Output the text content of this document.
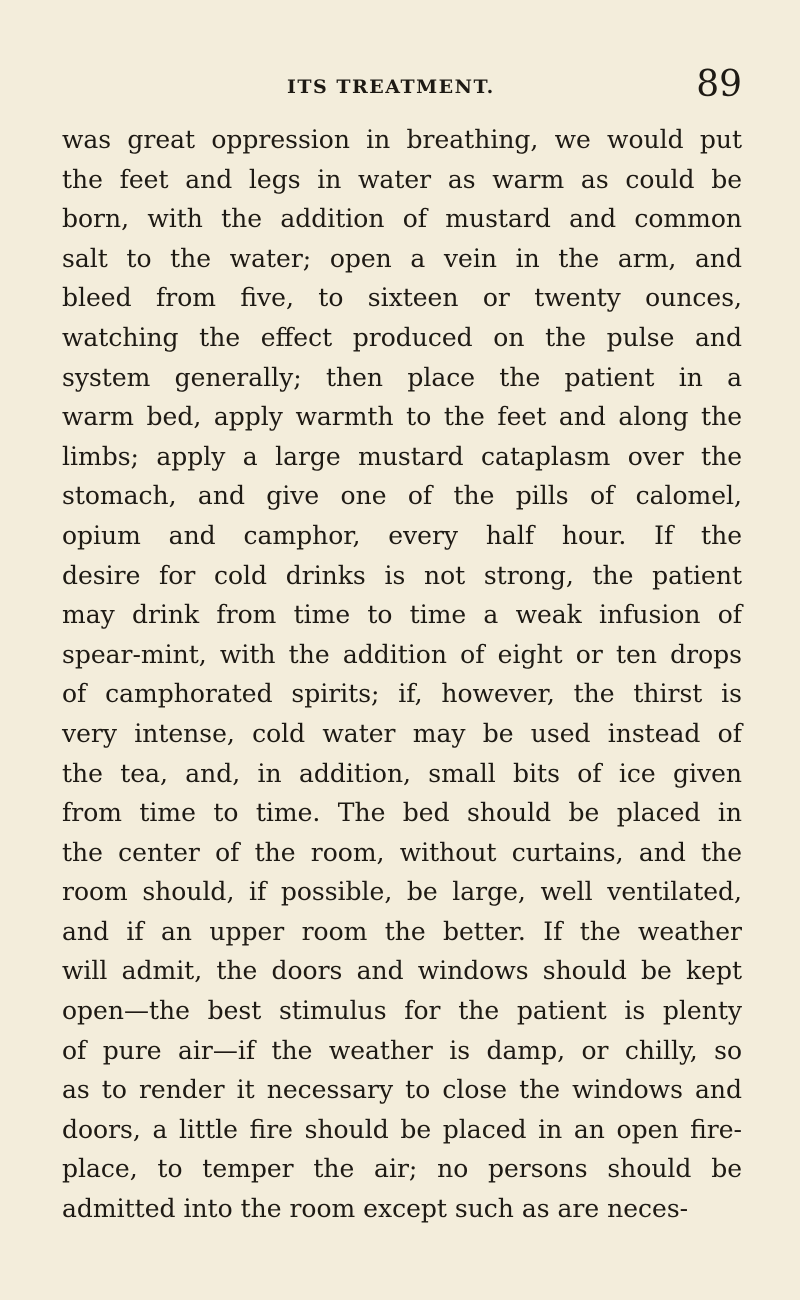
ITS TREATMENT.	89
was great oppression in breathing, we would put
the feet and legs in water as warm as could be
born, with the addition of mustard and common
salt to the water; open a vein in the arm, and
bleed from five, to sixteen or twenty ounces,
watching the effect produced on the pulse and
system generally; then place the patient in a
warm bed, apply warmth to the feet and along the
limbs; apply a large mustard cataplasm over the
stomach, and give one of the pills of calomel,
opium and camphor, every half hour. If the
desire for cold drinks is not strong, the patient
may drink from time to time a weak infusion of
spear-mint, with the addition of eight or ten drops
of camphorated spirits; if, however, the thirst is
very intense, cold water may be used instead of
the tea, and, in addition, small bits of ice given
from time to time. The bed should be placed in
the center of the room, without curtains, and the
room should, if possible, be large, well ventilated,
and if an upper room the better. If the weather
will admit, the doors and windows should be kept
open—the best stimulus for the patient is plenty
of pure air—if the weather is damp, or chilly, so
as to render it necessary to close the windows and
doors, a little fire should be placed in an open fire-
place, to temper the air; no persons should be
admitted into the room except such as are neces-
